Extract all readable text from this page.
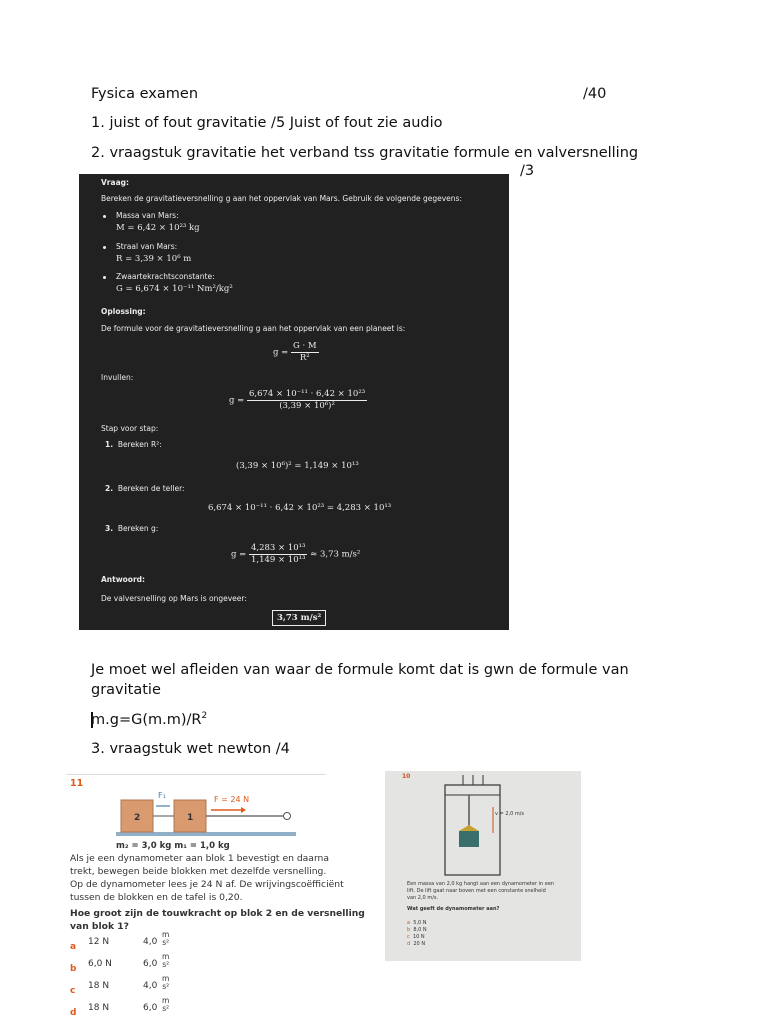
Fysica examen	/40
1. juist of fout gravitatie /5 Juist of fout zie audio
2. vraagstuk gravitatie het verband tss gravitatie formule en valversnelling
/3
Vraag:
Bereken de gravitatieversnelling g aan het oppervlak van Mars. Gebruik de volgende gegevens:
Massa van Mars:
M = 6,42 × 10²³ kg
Straal van Mars:
R = 3,39 × 10⁶ m
Zwaartekrachtsconstante:
G = 6,674 × 10⁻¹¹ Nm²/kg²
Oplossing:
De formule voor de gravitatieversnelling g aan het oppervlak van een planeet is:
$g = \frac{G \cdot M}{\text{R²}}$
Invullen:
$g = \frac{\text{6,674 × 10⁻¹¹ · 6,42 × 10²³}}{\text{(3,39 × 10⁶)²}}$
Stap voor stap:
1. Bereken R²:
(3,39 × 10⁶)² = 1,149 × 10¹³
2. Bereken de teller:
6,674 × 10⁻¹¹ · 6,42 × 10²³ = 4,283 × 10¹³
3. Bereken g:
$g = \frac{\text{4,283 × 10¹³}}{\text{1,149 × 10¹³}} \approx 3,73$ m/s²
Antwoord:
De valversnelling op Mars is ongeveer:
3,73 m/s²
Je moet wel afleiden van waar de formule komt dat is gwn de formule van
gravitatie
$m.g=G(m.m)/R^2$
3. vraagstuk wet newton /4
11
2	1
F = 24 N
F₁
m₂ = 3,0 kg m₁ = 1,0 kg
Als je een dynamometer aan blok 1 bevestigt en daarna
trekt, bewegen beide blokken met dezelfde versnelling.
Op de dynamometer lees je 24 N af. De wrijvingscoëfficiënt
tussen de blokken en de tafel is 0,20.
Hoe groot zijn de touwkracht op blok 2 en de versnelling
van blok 1?
a 12 N	4,0
m
s²
b 6,0 N	6,0
m
s²
c 18 N	4,0
m
s²
d 18 N	6,0
m
s²
10
v = 2,0 m/s
Een massa van 2,0 kg hangt aan een dynamometer in een
lift. De lift gaat naar boven met een constante snelheid
van 2,0 m/s.
Wat geeft de dynamometer aan?
a 5,0 N
b 8,0 N
c 10 N
d 20 N
